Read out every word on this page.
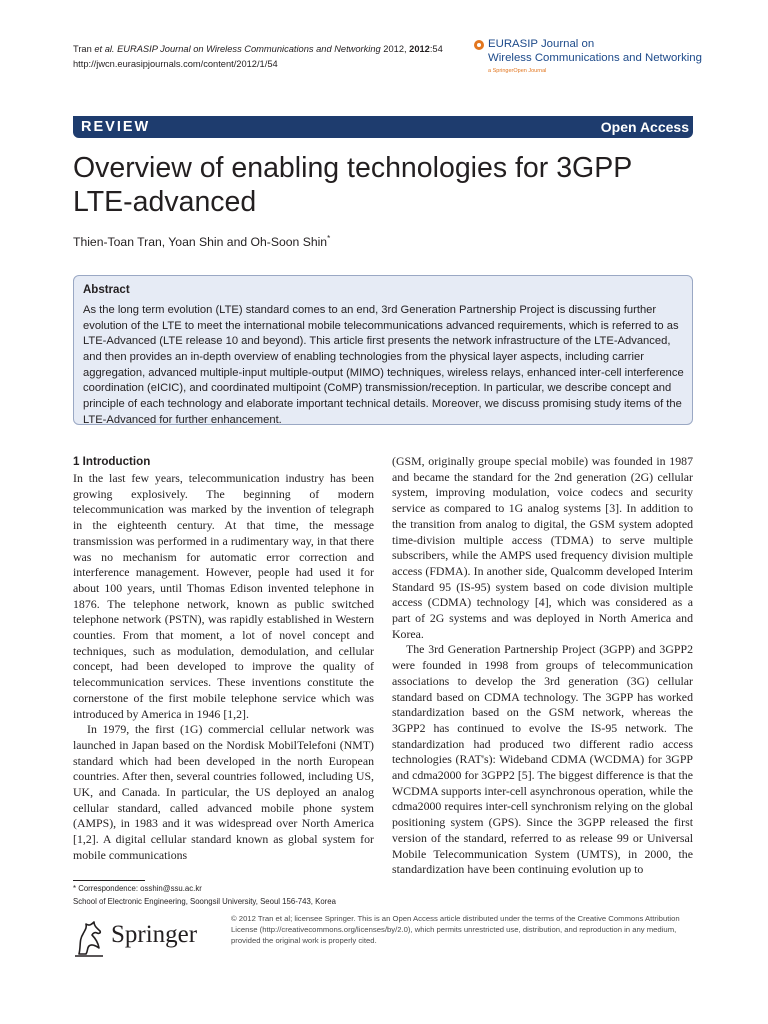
Tran et al. EURASIP Journal on Wireless Communications and Networking 2012, 2012:54
http://jwcn.eurasipjournals.com/content/2012/1/54
EURASIP Journal on
Wireless Communications and Networking
a SpringerOpen Journal
REVIEW	Open Access
Overview of enabling technologies for 3GPP LTE-advanced
Thien-Toan Tran, Yoan Shin and Oh-Soon Shin*
Abstract
As the long term evolution (LTE) standard comes to an end, 3rd Generation Partnership Project is discussing further evolution of the LTE to meet the international mobile telecommunications advanced requirements, which is referred to as LTE-Advanced (LTE release 10 and beyond). This article first presents the network infrastructure of the LTE-Advanced, and then provides an in-depth overview of enabling technologies from the physical layer aspects, including carrier aggregation, advanced multiple-input multiple-output (MIMO) techniques, wireless relays, enhanced inter-cell interference coordination (eICIC), and coordinated multipoint (CoMP) transmission/reception. In particular, we describe concept and principle of each technology and elaborate important technical details. Moreover, we discuss promising study items of the LTE-Advanced for further enhancement.
1 Introduction

In the last few years, telecommunication industry has been growing explosively. The beginning of modern telecommunication was marked by the invention of telegraph in the eighteenth century. At that time, the message transmission was performed in a rudimentary way, in that there was no mechanism for automatic error correction and interference management. However, people had used it for about 100 years, until Thomas Edison invented telephone in 1876. The telephone network, known as public switched telephone network (PSTN), was rapidly established in Western counties. From that moment, a lot of novel concept and techniques, such as modulation, demodulation, and cellular concept, had been developed to improve the quality of telecommunication services. These inventions constitute the cornerstone of the first mobile telephone service which was introduced by America in 1946 [1,2].

In 1979, the first (1G) commercial cellular network was launched in Japan based on the Nordisk MobilTelefoni (NMT) standard which had been developed in the north European countries. After then, several countries followed, including US, UK, and Canada. In particular, the US deployed an analog cellular standard, called advanced mobile phone system (AMPS), in 1983 and it was widespread over North America [1,2]. A digital cellular standard known as global system for mobile communications

(GSM, originally groupe special mobile) was founded in 1987 and became the standard for the 2nd generation (2G) cellular system, improving modulation, voice codecs and security service as compared to 1G analog systems [3]. In addition to the transition from analog to digital, the GSM system adopted time-division multiple access (TDMA) to serve multiple subscribers, while the AMPS used frequency division multiple access (FDMA). In another side, Qualcomm developed Interim Standard 95 (IS-95) system based on code division multiple access (CDMA) technology [4], which was considered as a part of 2G systems and was deployed in North America and Korea.

The 3rd Generation Partnership Project (3GPP) and 3GPP2 were founded in 1998 from groups of telecommunication associations to develop the 3rd generation (3G) cellular standard based on CDMA technology. The 3GPP has worked standardization based on the GSM network, whereas the 3GPP2 has continued to evolve the IS-95 network. The standardization had produced two different radio access technologies (RAT's): Wideband CDMA (WCDMA) for 3GPP and cdma2000 for 3GPP2 [5]. The biggest difference is that the WCDMA supports inter-cell asynchronous operation, while the cdma2000 requires inter-cell synchronism relying on the global positioning system (GPS). Since the 3GPP released the first version of the standard, referred to as release 99 or Universal Mobile Telecommunication System (UMTS), in 2000, the standardization have been continuing evolution up to

* Correspondence: osshin@ssu.ac.kr
School of Electronic Engineering, Soongsil University, Seoul 156-743, Korea
Springer
© 2012 Tran et al; licensee Springer. This is an Open Access article distributed under the terms of the Creative Commons Attribution License (http://creativecommons.org/licenses/by/2.0), which permits unrestricted use, distribution, and reproduction in any medium, provided the original work is properly cited.
